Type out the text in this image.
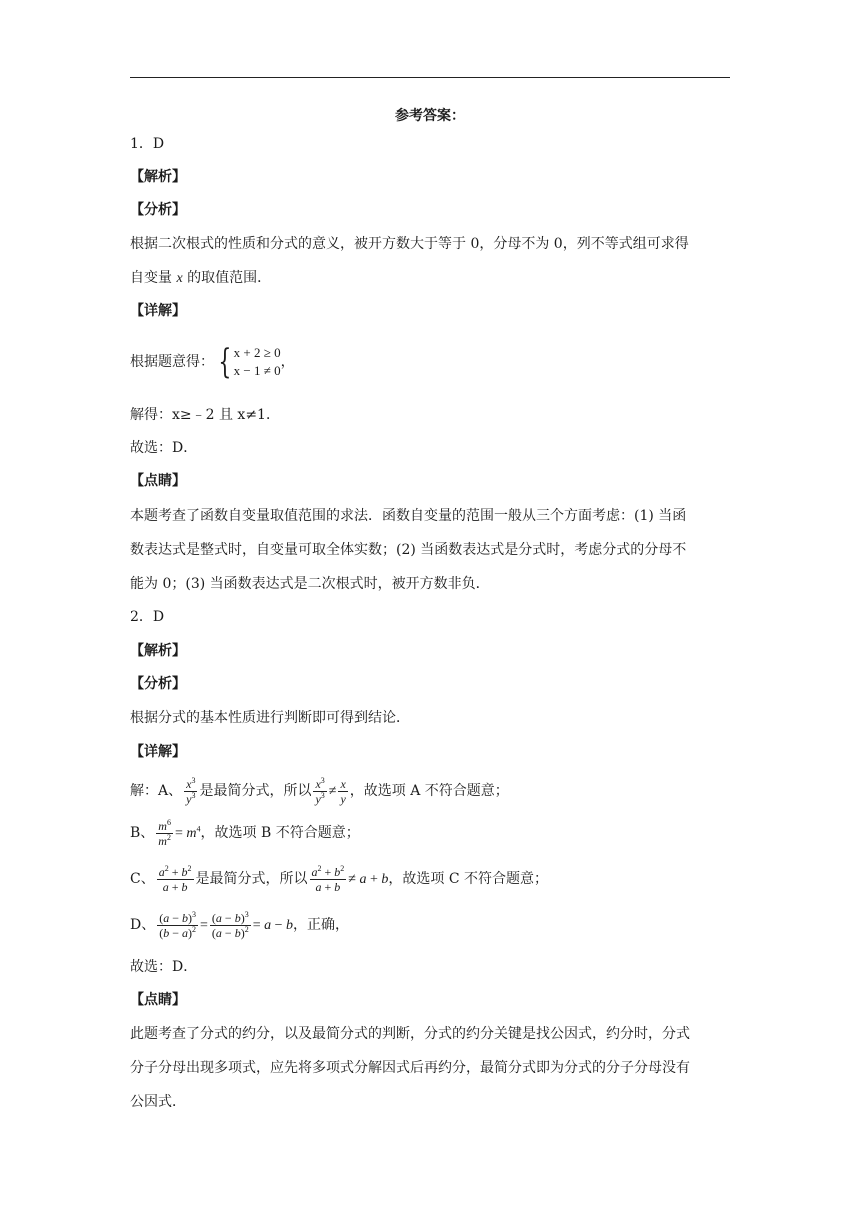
参考答案：
1．D
【解析】
【分析】
根据二次根式的性质和分式的意义，被开方数大于等于 0，分母不为 0，列不等式组可求得
自变量 x 的取值范围．
【详解】
根据题意得： { x + 2 ≥ 0
x − 1 ≠ 0
，
解得：x≥﹣2 且 x≠1．
故选：D．
【点睛】
本题考查了函数自变量取值范围的求法．函数自变量的范围一般从三个方面考虑：(1) 当函
数表达式是整式时，自变量可取全体实数；(2) 当函数表达式是分式时，考虑分式的分母不
能为 0；(3) 当函数表达式是二次根式时，被开方数非负．
2．D
【解析】
【分析】
根据分式的基本性质进行判断即可得到结论．
【详解】
解：A、 $\frac{x^3}{y^3}$ 是最简分式，所以 $\frac{x^3}{y^3} \ne \frac{x}{y}$ ，故选项 A 不符合题意；
B、 $\frac{m^6}{m^2} = m^4$，故选项 B 不符合题意；
C、 $\frac{a^2 + b^2}{a + b}$ 是最简分式，所以 $\frac{a^2 + b^2}{a + b} \ne a + b$，故选项 C 不符合题意；
D、 $\frac{(a - b)^3}{(b - a)^2} = \frac{(a - b)^3}{(a - b)^2} = a - b$，正确，
故选：D．
【点睛】
此题考查了分式的约分，以及最简分式的判断，分式的约分关键是找公因式，约分时，分式
分子分母出现多项式，应先将多项式分解因式后再约分，最简分式即为分式的分子分母没有
公因式．
